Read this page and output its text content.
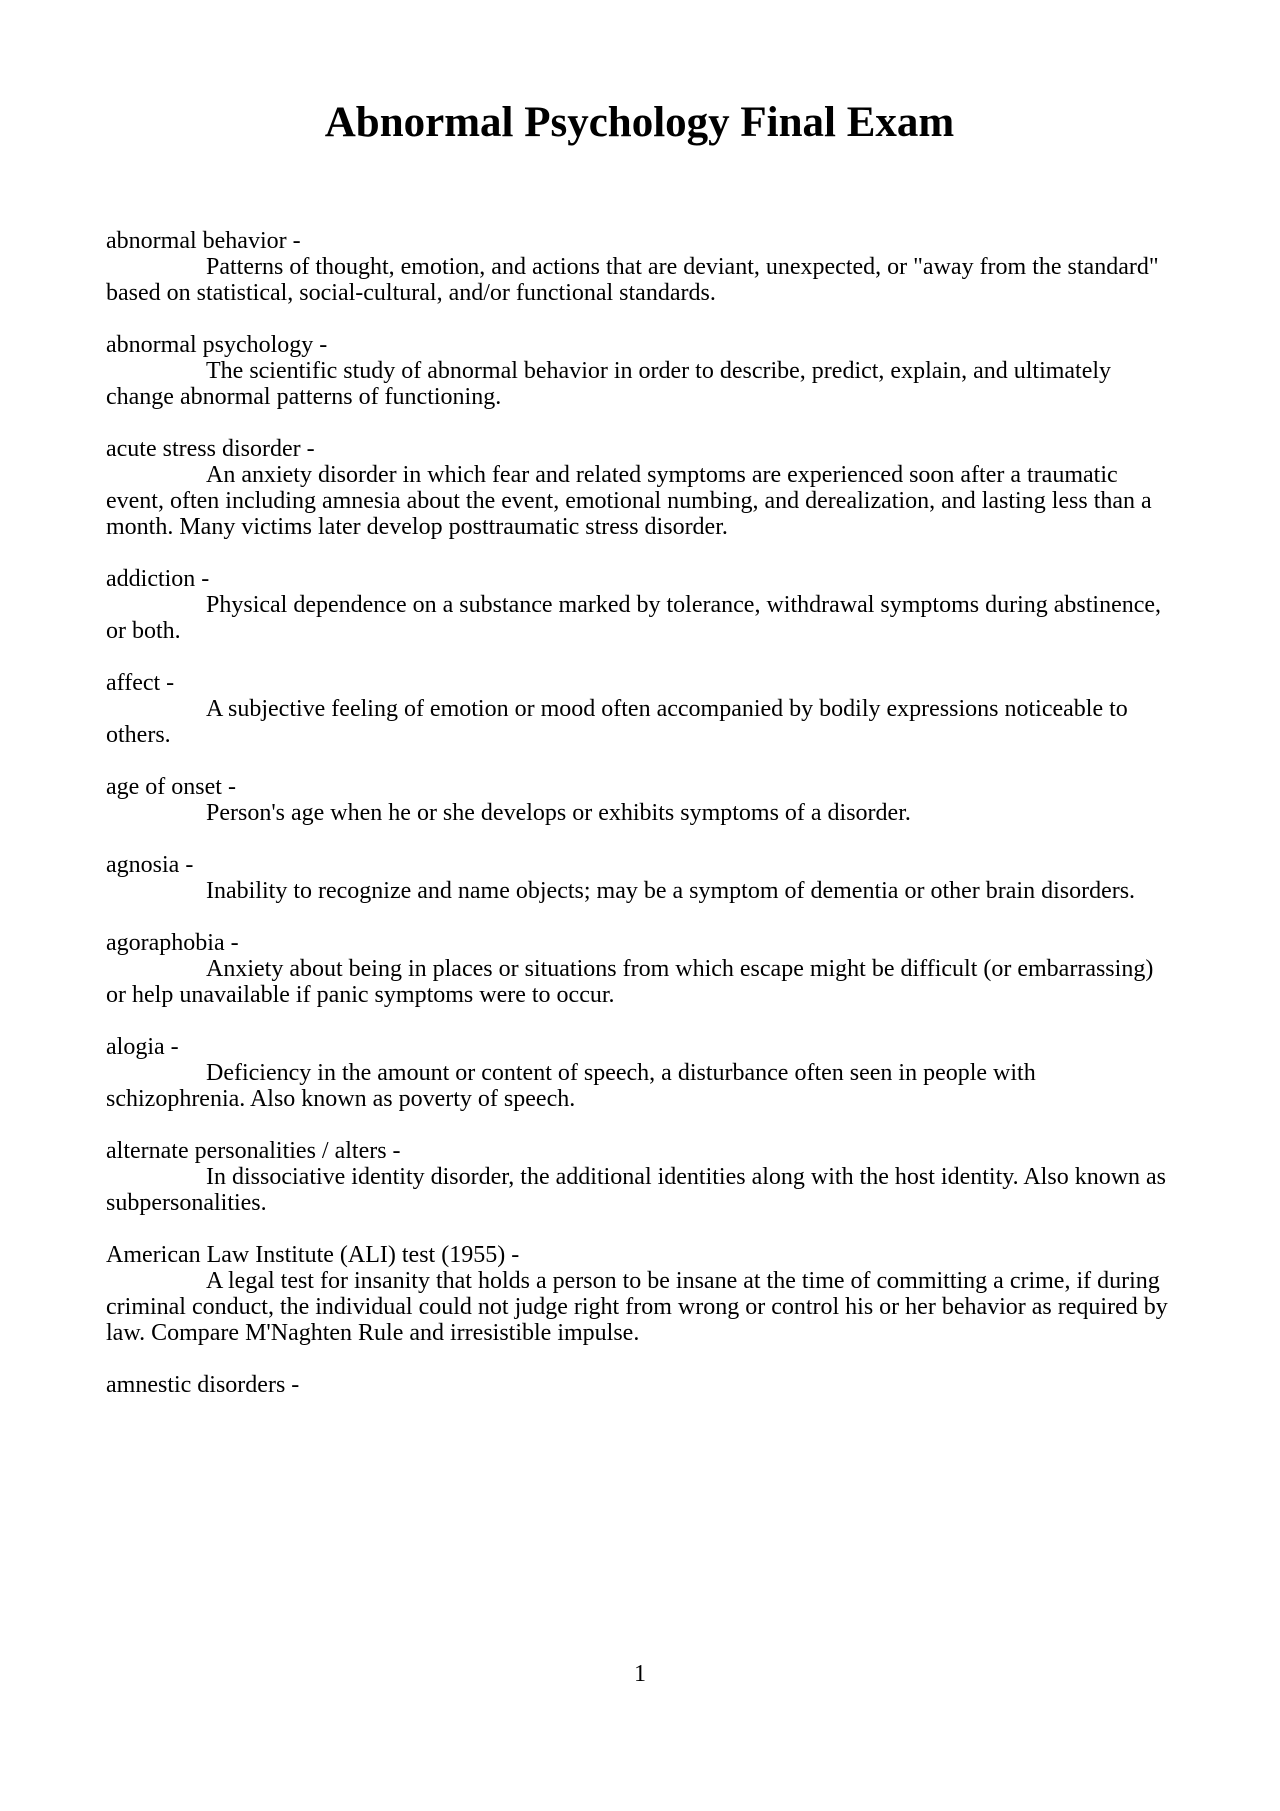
Abnormal Psychology Final Exam
abnormal behavior -

Patterns of thought, emotion, and actions that are deviant, unexpected, or "away from the standard" based on statistical, social-cultural, and/or functional standards.

abnormal psychology -

The scientific study of abnormal behavior in order to describe, predict, explain, and ultimately change abnormal patterns of functioning.

acute stress disorder -

An anxiety disorder in which fear and related symptoms are experienced soon after a traumatic event, often including amnesia about the event, emotional numbing, and derealization, and lasting less than a month. Many victims later develop posttraumatic stress disorder.

addiction -

Physical dependence on a substance marked by tolerance, withdrawal symptoms during abstinence, or both.

affect -

A subjective feeling of emotion or mood often accompanied by bodily expressions noticeable to others.

age of onset -

Person's age when he or she develops or exhibits symptoms of a disorder.

agnosia -

Inability to recognize and name objects; may be a symptom of dementia or other brain disorders.

agoraphobia -

Anxiety about being in places or situations from which escape might be difficult (or embarrassing) or help unavailable if panic symptoms were to occur.

alogia -

Deficiency in the amount or content of speech, a disturbance often seen in people with schizophrenia. Also known as poverty of speech.

alternate personalities / alters -

In dissociative identity disorder, the additional identities along with the host identity. Also known as subpersonalities.

American Law Institute (ALI) test (1955) -

A legal test for insanity that holds a person to be insane at the time of committing a crime, if during criminal conduct, the individual could not judge right from wrong or control his or her behavior as required by law. Compare M'Naghten Rule and irresistible impulse.

amnestic disorders -
1
